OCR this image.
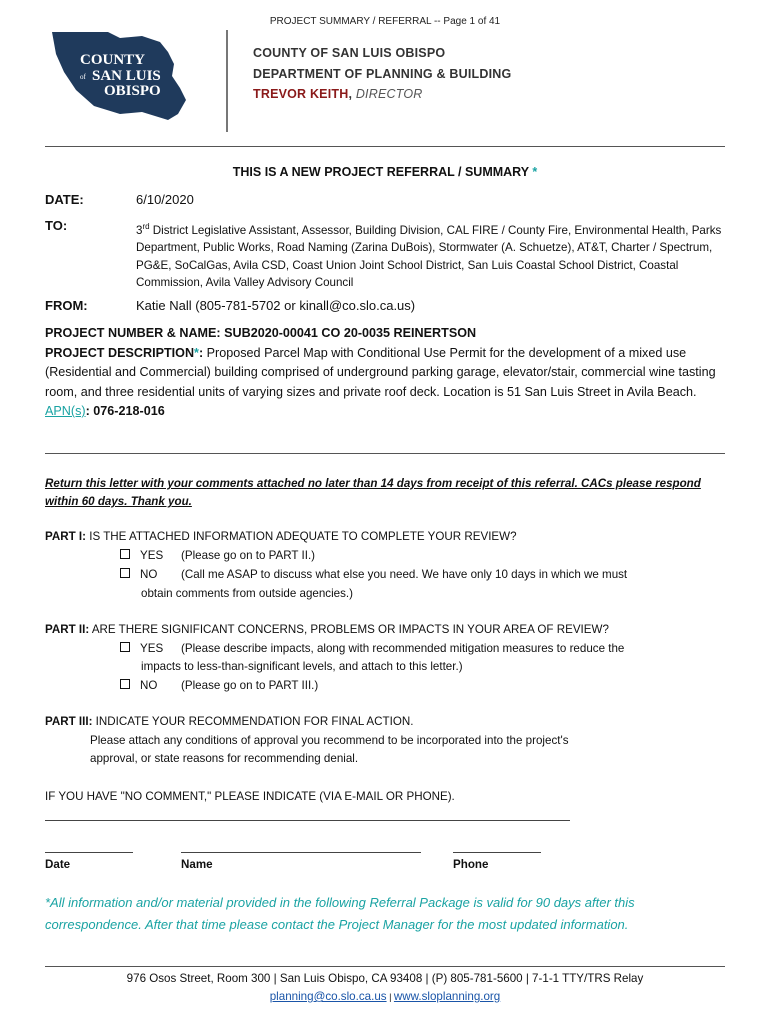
PROJECT SUMMARY / REFERRAL -- Page 1 of 41
COUNTY
of SAN LUIS
OBISPO
COUNTY OF SAN LUIS OBISPO
DEPARTMENT OF PLANNING & BUILDING
TREVOR KEITH, DIRECTOR
THIS IS A NEW PROJECT REFERRAL / SUMMARY *
DATE:	6/10/2020
TO:	3rd District Legislative Assistant, Assessor, Building Division, CAL FIRE / County Fire, Environmental Health, Parks Department, Public Works, Road Naming (Zarina DuBois), Stormwater (A. Schuetze), AT&T, Charter / Spectrum, PG&E, SoCalGas, Avila CSD, Coast Union Joint School District, San Luis Coastal School District, Coastal Commission, Avila Valley Advisory Council
FROM:	Katie Nall (805-781-5702 or kinall@co.slo.ca.us)
PROJECT NUMBER & NAME: SUB2020-00041 CO 20-0035 REINERTSON
PROJECT DESCRIPTION*: Proposed Parcel Map with Conditional Use Permit for the development of a mixed use (Residential and Commercial) building comprised of underground parking garage, elevator/stair, commercial wine tasting room, and three residential units of varying sizes and private roof deck. Location is 51 San Luis Street in Avila Beach.
APN(s): 076-218-016
Return this letter with your comments attached no later than 14 days from receipt of this referral. CACs please respond within 60 days. Thank you.
PART I: IS THE ATTACHED INFORMATION ADEQUATE TO COMPLETE YOUR REVIEW?
YES (Please go on to PART II.)
NO (Call me ASAP to discuss what else you need. We have only 10 days in which we must
obtain comments from outside agencies.)
PART II: ARE THERE SIGNIFICANT CONCERNS, PROBLEMS OR IMPACTS IN YOUR AREA OF REVIEW?
YES (Please describe impacts, along with recommended mitigation measures to reduce the
impacts to less-than-significant levels, and attach to this letter.)
NO (Please go on to PART III.)
PART III: INDICATE YOUR RECOMMENDATION FOR FINAL ACTION.
Please attach any conditions of approval you recommend to be incorporated into the project's
approval, or state reasons for recommending denial.
IF YOU HAVE "NO COMMENT," PLEASE INDICATE (VIA E-MAIL OR PHONE).
Date	Name	Phone
*All information and/or material provided in the following Referral Package is valid for 90 days after this correspondence. After that time please contact the Project Manager for the most updated information.
976 Osos Street, Room 300 | San Luis Obispo, CA 93408 | (P) 805-781-5600 | 7-1-1 TTY/TRS Relay
planning@co.slo.ca.us | www.sloplanning.org
